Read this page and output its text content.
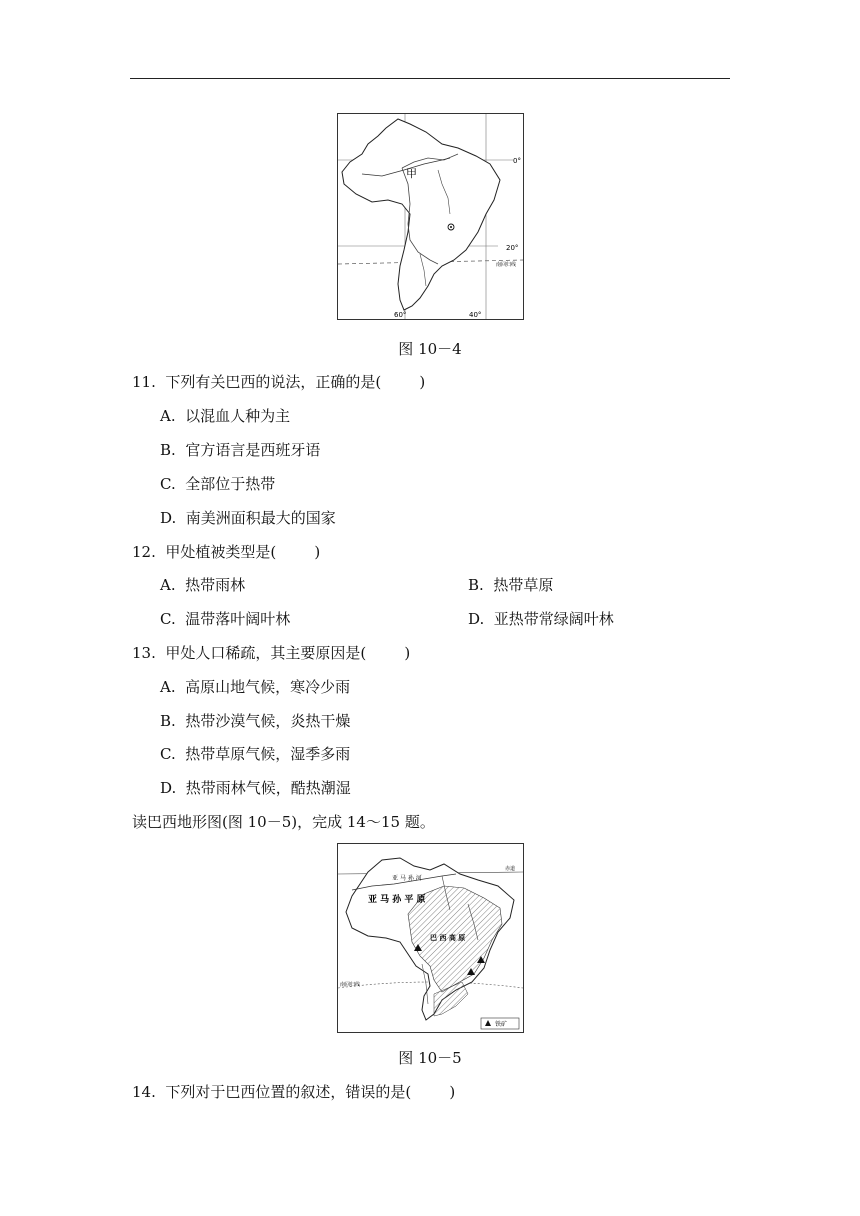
甲
0°
20°
南回归线
60°	40°
图 10－4
11.  下列有关巴西的说法，正确的是(        )
A.  以混血人种为主
B.  官方语言是西班牙语
C.  全部位于热带
D.  南美洲面积最大的国家
12.  甲处植被类型是(        )
A.  热带雨林	B.  热带草原
C.  温带落叶阔叶林	D.  亚热带常绿阔叶林
13.  甲处人口稀疏，其主要原因是(        )
A.  高原山地气候，寒冷少雨
B.  热带沙漠气候，炎热干燥
C.  热带草原气候，湿季多雨
D.  热带雨林气候，酷热潮湿
读巴西地形图(图 10－5)，完成 14～15 题。
赤道
亚 马 孙 河
亚 马 孙 平 原
巴 西 高 原
南回归线
铁矿
图 10－5
14.  下列对于巴西位置的叙述，错误的是(        )
